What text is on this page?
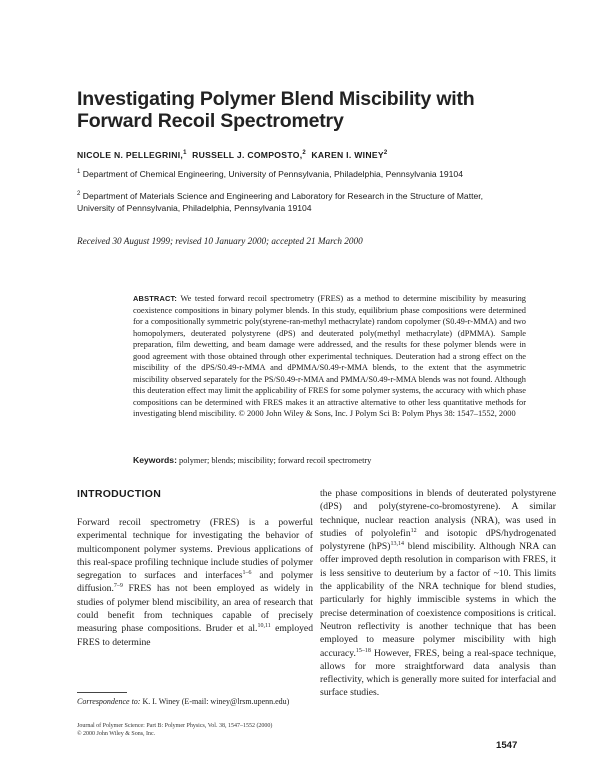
Investigating Polymer Blend Miscibility with Forward Recoil Spectrometry
NICOLE N. PELLEGRINI,$^1$ RUSSELL J. COMPOSTO,$^2$ KAREN I. WINEY$^2$
$^1$ Department of Chemical Engineering, University of Pennsylvania, Philadelphia, Pennsylvania 19104
$^2$ Department of Materials Science and Engineering and Laboratory for Research in the Structure of Matter, University of Pennsylvania, Philadelphia, Pennsylvania 19104
Received 30 August 1999; revised 10 January 2000; accepted 21 March 2000
ABSTRACT: We tested forward recoil spectrometry (FRES) as a method to determine miscibility by measuring coexistence compositions in binary polymer blends. In this study, equilibrium phase compositions were determined for a compositionally symmetric poly(styrene-ran-methyl methacrylate) random copolymer (S0.49-r-MMA) and two homopolymers, deuterated polystyrene (dPS) and deuterated poly(methyl methacrylate) (dPMMA). Sample preparation, film dewetting, and beam damage were addressed, and the results for these polymer blends were in good agreement with those obtained through other experimental techniques. Deuteration had a strong effect on the miscibility of the dPS/S0.49-r-MMA and dPMMA/S0.49-r-MMA blends, to the extent that the asymmetric miscibility observed separately for the PS/S0.49-r-MMA and PMMA/S0.49-r-MMA blends was not found. Although this deuteration effect may limit the applicability of FRES for some polymer systems, the accuracy with which phase compositions can be determined with FRES makes it an attractive alternative to other less quantitative methods for investigating blend miscibility. © 2000 John Wiley & Sons, Inc. J Polym Sci B: Polym Phys 38: 1547–1552, 2000
Keywords: polymer; blends; miscibility; forward recoil spectrometry
INTRODUCTION
Forward recoil spectrometry (FRES) is a powerful experimental technique for investigating the behavior of multicomponent polymer systems. Previous applications of this real-space profiling technique include studies of polymer segregation to surfaces and interfaces$^{1-6}$ and polymer diffusion.$^{7-9}$ FRES has not been employed as widely in studies of polymer blend miscibility, an area of research that could benefit from techniques capable of precisely measuring phase compositions. Bruder et al.$^{10,11}$ employed FRES to determine
the phase compositions in blends of deuterated polystyrene (dPS) and poly(styrene-co-bromostyrene). A similar technique, nuclear reaction analysis (NRA), was used in studies of polyolefin$^{12}$ and isotopic dPS/hydrogenated polystyrene (hPS)$^{13,14}$ blend miscibility. Although NRA can offer improved depth resolution in comparison with FRES, it is less sensitive to deuterium by a factor of ~10. This limits the applicability of the NRA technique for blend studies, particularly for highly immiscible systems in which the precise determination of coexistence compositions is critical. Neutron reflectivity is another technique that has been employed to measure polymer miscibility with high accuracy.$^{15-18}$ However, FRES, being a real-space technique, allows for more straightforward data analysis than reflectivity, which is generally more suited for interfacial and surface studies.
Correspondence to: K. I. Winey (E-mail: winey@lrsm.upenn.edu)
Journal of Polymer Science: Part B: Polymer Physics, Vol. 38, 1547–1552 (2000)
© 2000 John Wiley & Sons, Inc.
1547
